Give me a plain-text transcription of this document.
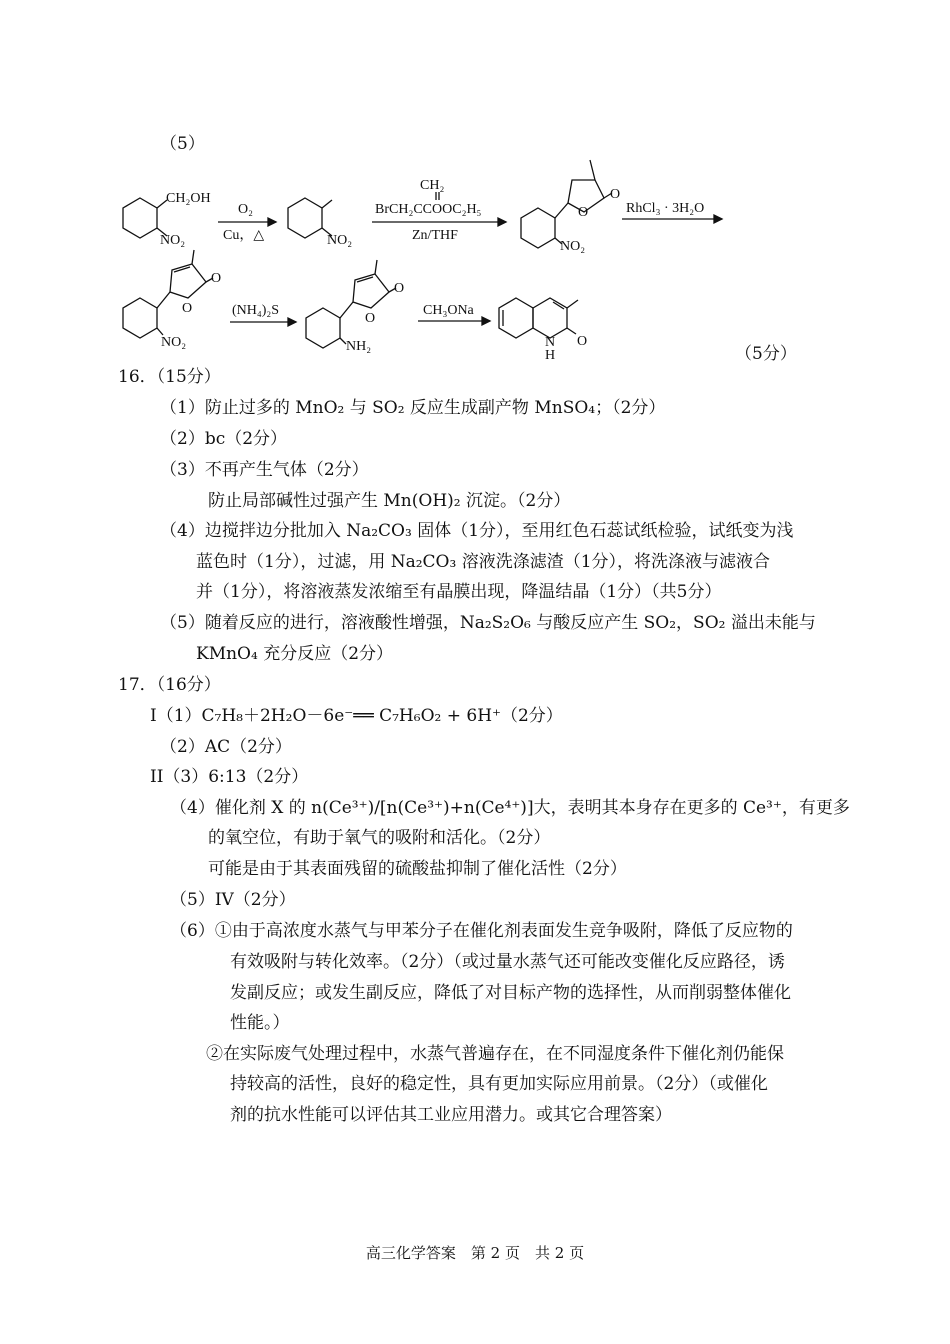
（5）
CH₂OH
NO₂
O₂
Cu，△	NO₂
CH₂
BrCH₂CCOOC₂H₅
Zn/THF
O
O
NO₂
RhCl₃ · 3H₂O
O
O
NO₂
(NH₄)₂S
O
O
NH₂
CH₃ONa
N
H
O
（5分）
16．（15分）
（1）防止过多的 MnO₂ 与 SO₂ 反应生成副产物 MnSO₄；（2分）
（2）bc（2分）
（3）不再产生气体（2分）
防止局部碱性过强产生 Mn(OH)₂ 沉淀。（2分）
（4）边搅拌边分批加入 Na₂CO₃ 固体（1分），至用红色石蕊试纸检验，试纸变为浅
蓝色时（1分），过滤，用 Na₂CO₃ 溶液洗涤滤渣（1分），将洗涤液与滤液合
并（1分），将溶液蒸发浓缩至有晶膜出现，降温结晶（1分）（共5分）
（5）随着反应的进行，溶液酸性增强，Na₂S₂O₆ 与酸反应产生 SO₂，SO₂ 溢出未能与
KMnO₄ 充分反应（2分）
17．（16分）
I（1）C₇H₈＋2H₂O－6e⁻══ C₇H₆O₂ + 6H⁺（2分）
（2）AC（2分）
II（3）6:13（2分）
（4）催化剂 X 的 n(Ce³⁺)/[n(Ce³⁺)+n(Ce⁴⁺)]大，表明其本身存在更多的 Ce³⁺，有更多
的氧空位，有助于氧气的吸附和活化。（2分）
可能是由于其表面残留的硫酸盐抑制了催化活性（2分）
（5）IV（2分）
（6）①由于高浓度水蒸气与甲苯分子在催化剂表面发生竞争吸附，降低了反应物的
有效吸附与转化效率。（2分）（或过量水蒸气还可能改变催化反应路径，诱
发副反应；或发生副反应，降低了对目标产物的选择性，从而削弱整体催化
性能。）
②在实际废气处理过程中，水蒸气普遍存在，在不同湿度条件下催化剂仍能保
持较高的活性，良好的稳定性，具有更加实际应用前景。（2分）（或催化
剂的抗水性能可以评估其工业应用潜力。或其它合理答案）
高三化学答案　第 2 页　共 2 页
